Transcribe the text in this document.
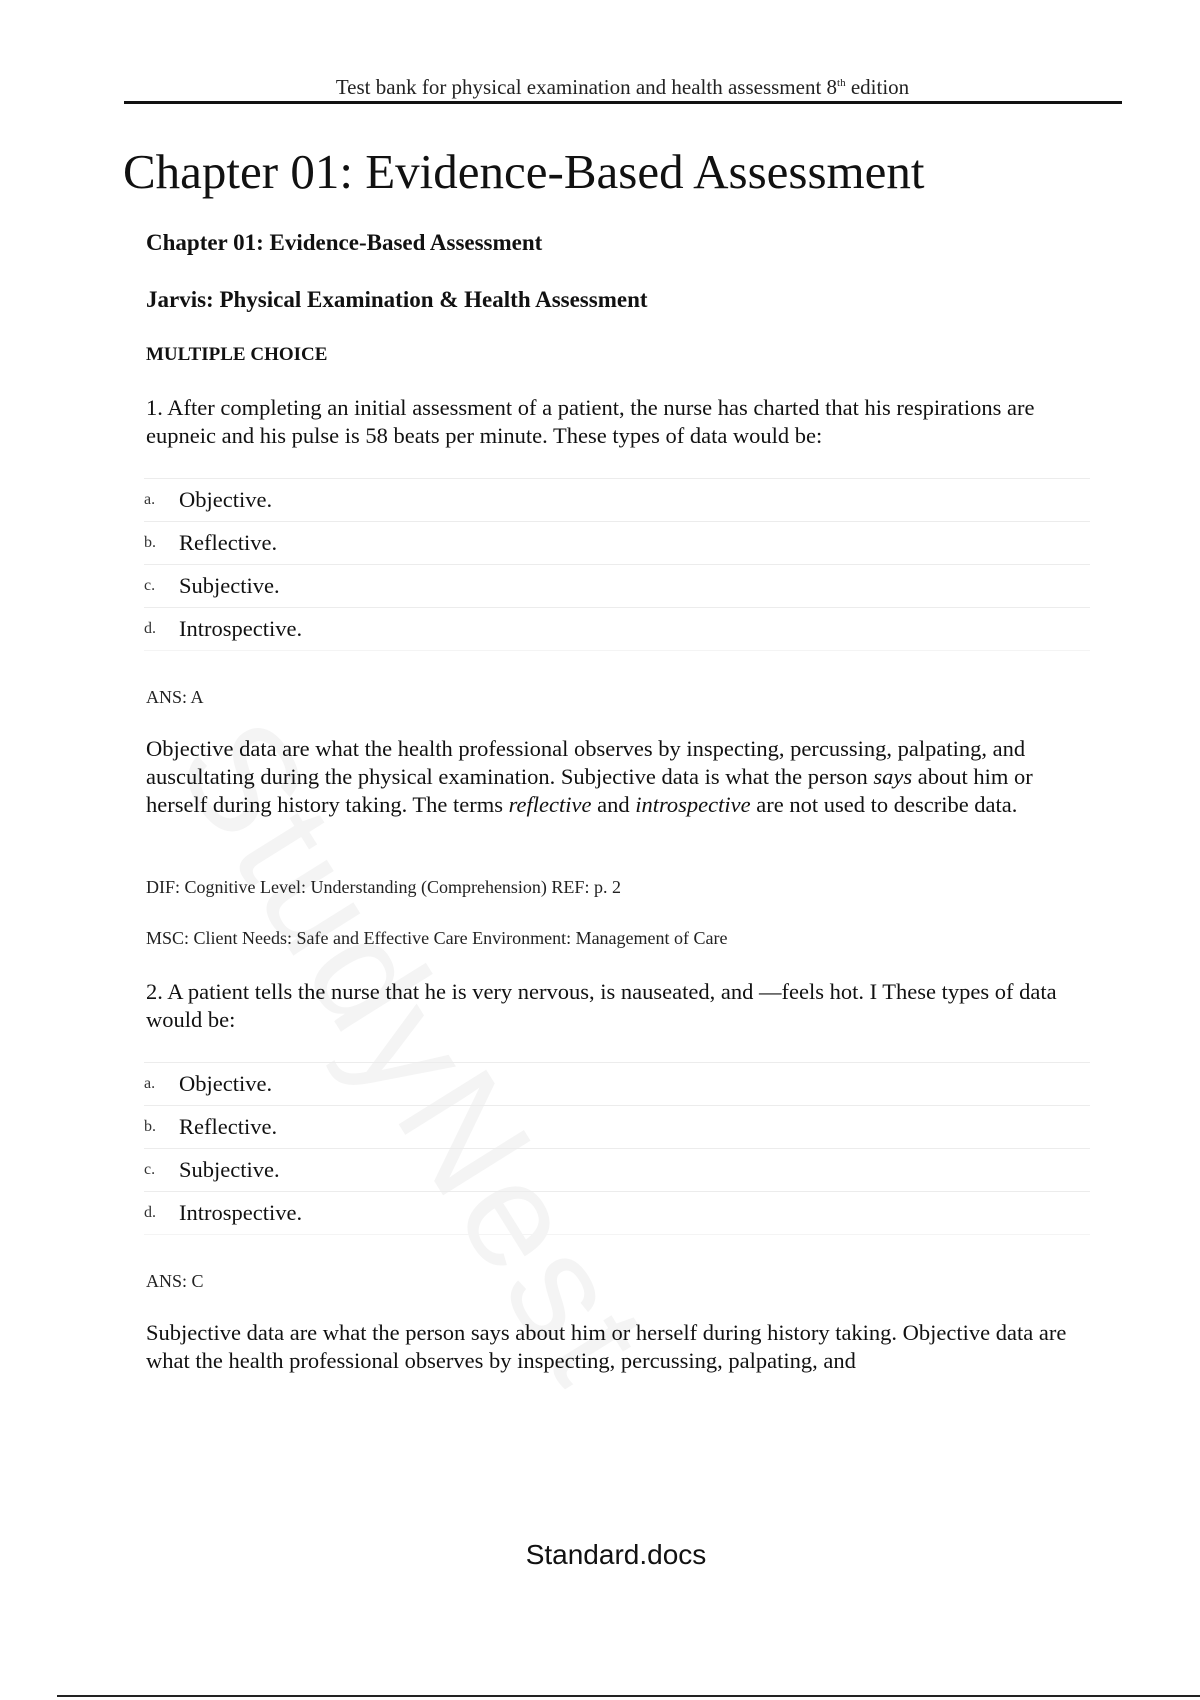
Test bank for physical examination and health assessment 8th edition
Chapter 01: Evidence-Based Assessment
Chapter 01: Evidence-Based Assessment
Jarvis: Physical Examination & Health Assessment
MULTIPLE CHOICE

1. After completing an initial assessment of a patient, the nurse has charted that his respirations are eupneic and his pulse is 58 beats per minute. These types of data would be:

a.	Objective.
b.	Reflective.
c.	Subjective.
d.	Introspective.
ANS: A

Objective data are what the health professional observes by inspecting, percussing, palpating, and auscultating during the physical examination. Subjective data is what the person says about him or herself during history taking. The terms reflective and introspective are not used to describe data.

DIF: Cognitive Level: Understanding (Comprehension) REF: p. 2
MSC: Client Needs: Safe and Effective Care Environment: Management of Care

2. A patient tells the nurse that he is very nervous, is nauseated, and —feels hot. I These types of data would be:

a.	Objective.
b.	Reflective.
c.	Subjective.
d.	Introspective.
ANS: C

Subjective data are what the person says about him or herself during history taking. Objective data are what the health professional observes by inspecting, percussing, palpating, and

Standard.docs
